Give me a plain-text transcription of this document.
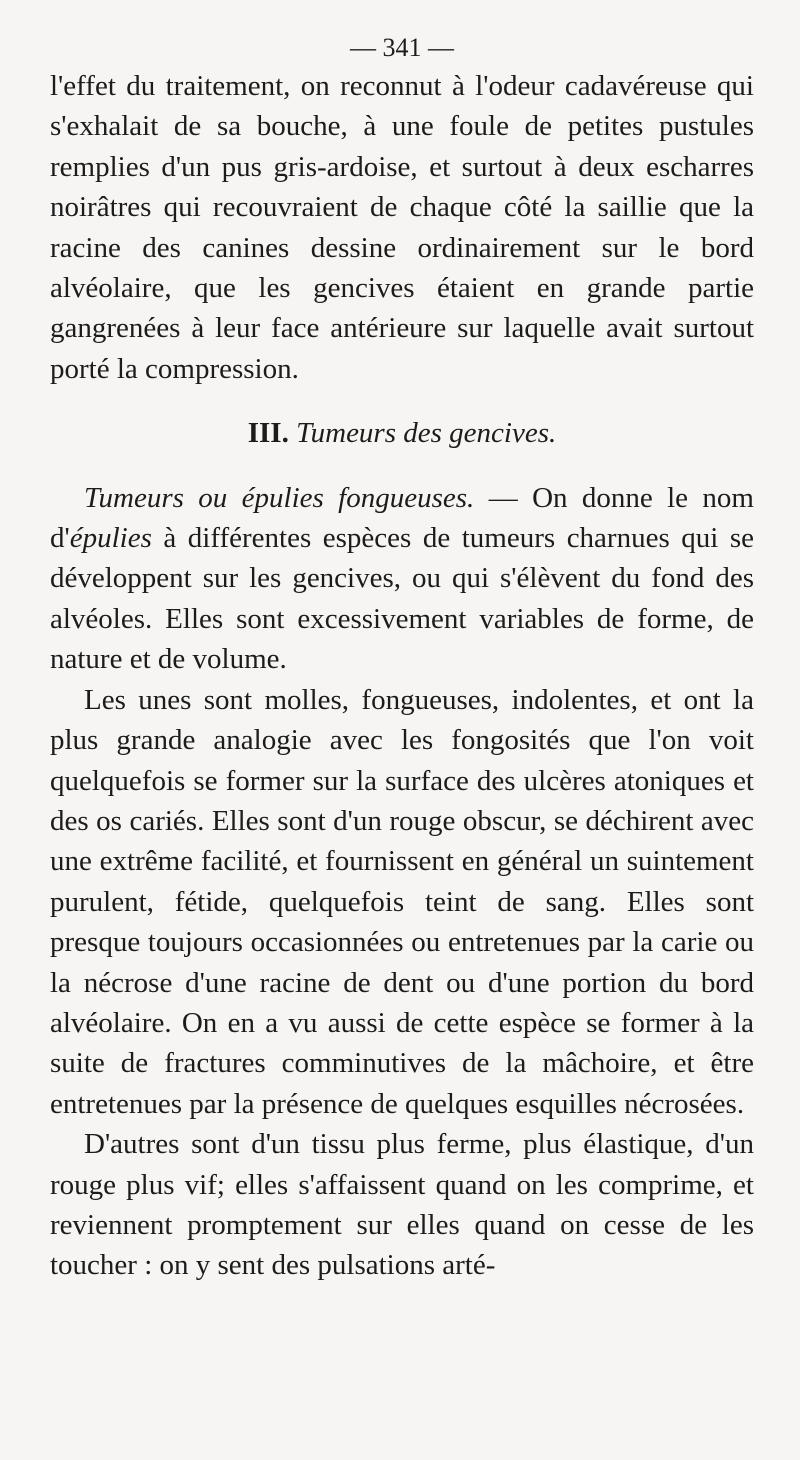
— 341 —

l'effet du traitement, on reconnut à l'odeur cadavéreuse qui s'exhalait de sa bouche, à une foule de petites pustules remplies d'un pus gris-ardoise, et surtout à deux escharres noirâtres qui recouvraient de chaque côté la saillie que la racine des canines dessine ordinairement sur le bord alvéolaire, que les gencives étaient en grande partie gangrenées à leur face antérieure sur laquelle avait surtout porté la compression.

III. Tumeurs des gencives.

Tumeurs ou épulies fongueuses. — On donne le nom d'épulies à différentes espèces de tumeurs charnues qui se développent sur les gencives, ou qui s'élèvent du fond des alvéoles. Elles sont excessivement variables de forme, de nature et de volume.

Les unes sont molles, fongueuses, indolentes, et ont la plus grande analogie avec les fongosités que l'on voit quelquefois se former sur la surface des ulcères atoniques et des os cariés. Elles sont d'un rouge obscur, se déchirent avec une extrême facilité, et fournissent en général un suintement purulent, fétide, quelquefois teint de sang. Elles sont presque toujours occasionnées ou entretenues par la carie ou la nécrose d'une racine de dent ou d'une portion du bord alvéolaire. On en a vu aussi de cette espèce se former à la suite de fractures comminutives de la mâchoire, et être entretenues par la présence de quelques esquilles nécrosées.

D'autres sont d'un tissu plus ferme, plus élastique, d'un rouge plus vif; elles s'affaissent quand on les comprime, et reviennent promptement sur elles quand on cesse de les toucher : on y sent des pulsations arté-
